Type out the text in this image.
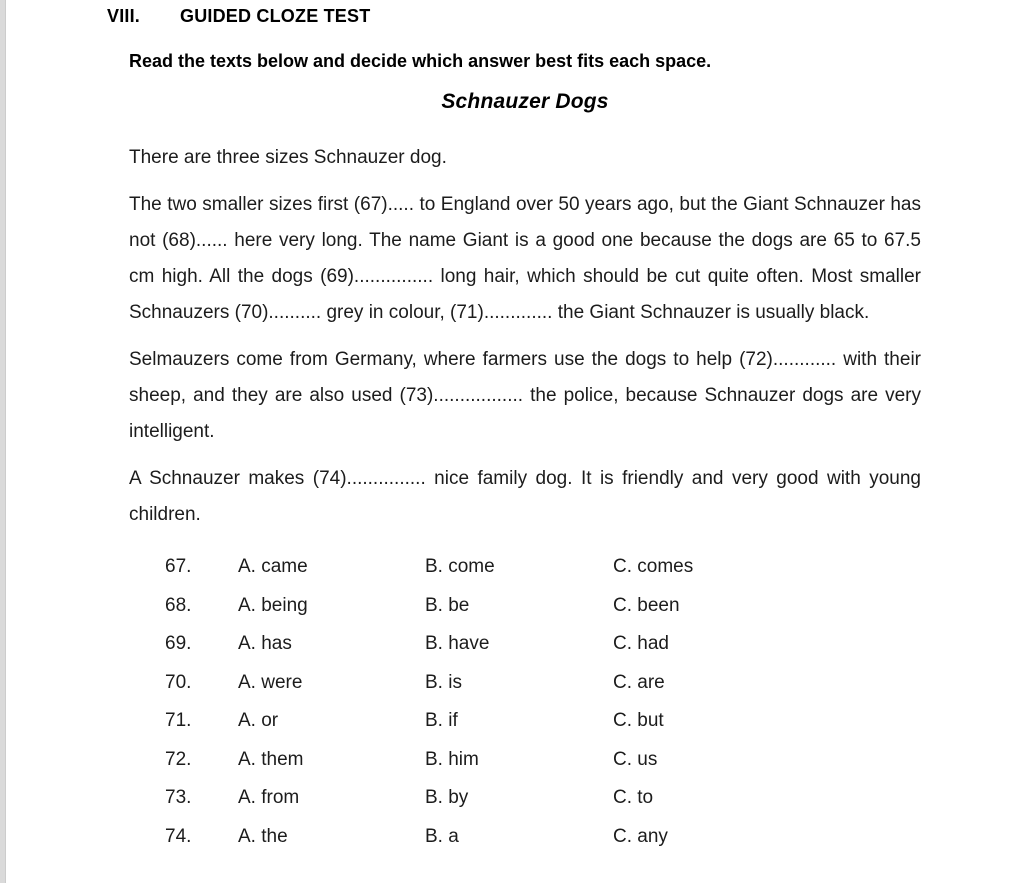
VIII.	GUIDED CLOZE TEST
Read the texts below and decide which answer best fits each space.
Schnauzer Dogs

There are three sizes Schnauzer dog.

The two smaller sizes first (67)..... to England over 50 years ago, but the Giant Schnauzer has not (68)...... here very long. The name Giant is a good one because the dogs are 65 to 67.5 cm high. All the dogs (69)............... long hair, which should be cut quite often. Most smaller Schnauzers (70).......... grey in colour, (71)............. the Giant Schnauzer is usually black.

Selmauzers come from Germany, where farmers use the dogs to help (72)............ with their sheep, and they are also used (73)................. the police, because Schnauzer dogs are very intelligent.

A Schnauzer makes (74)............... nice family dog. It is friendly and very good with young children.

67.	A. came	B. come	C. comes
68.	A. being	B. be	C. been
69.	A. has	B. have	C. had
70.	A. were	B. is	C. are
71.	A. or	B. if	C. but
72.	A. them	B. him	C. us
73.	A. from	B. by	C. to
74.	A. the	B. a	C. any
